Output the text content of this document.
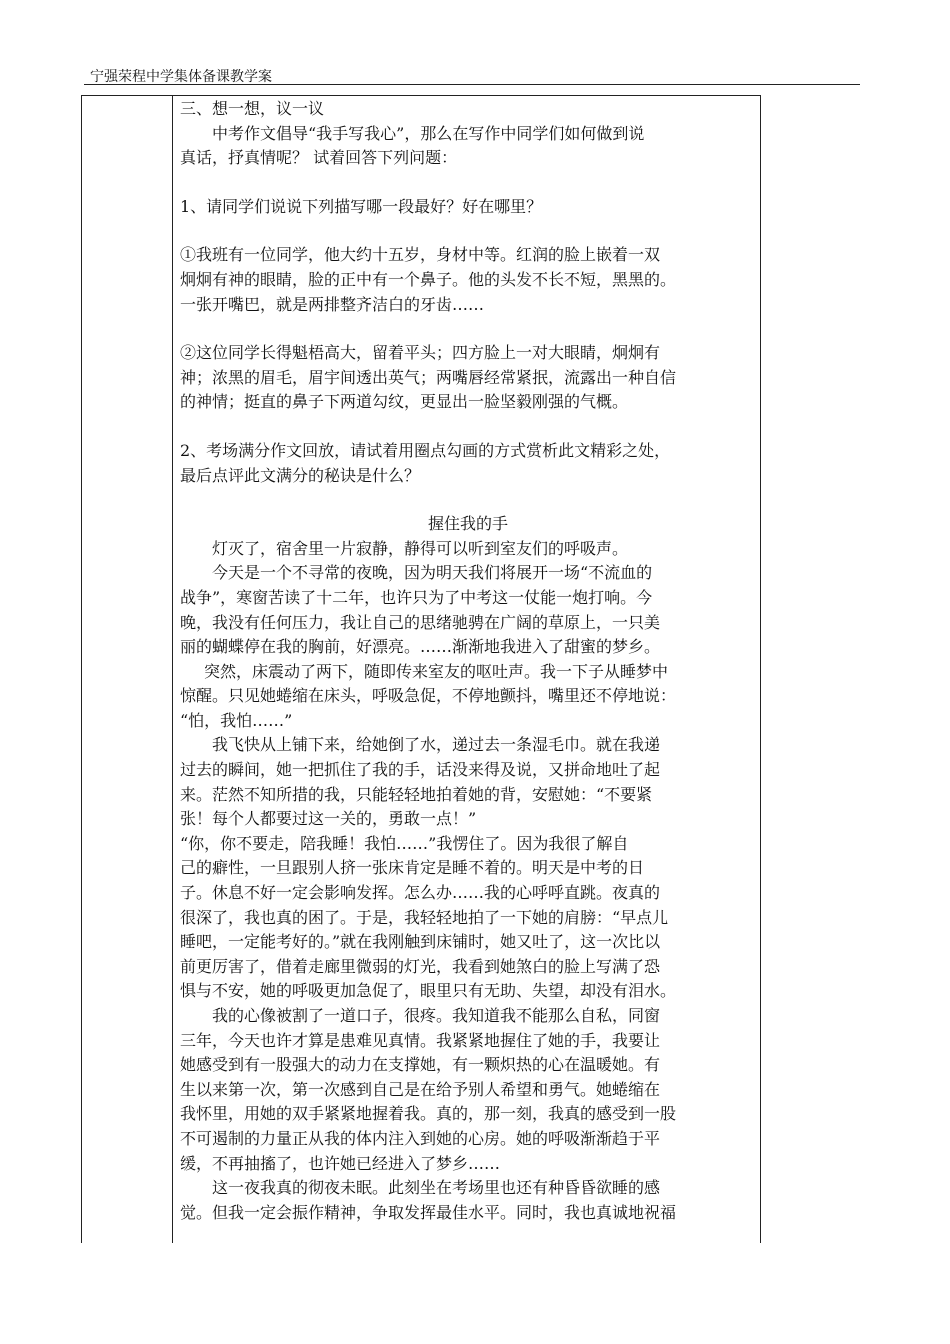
宁强荣程中学集体备课教学案

三、想一想，议一议

中考作文倡导“我手写我心”，那么在写作中同学们如何做到说

真话，抒真情呢？ 试着回答下列问题：

1、请同学们说说下列描写哪一段最好？好在哪里？

①我班有一位同学，他大约十五岁，身材中等。红润的脸上嵌着一双

炯炯有神的眼睛，脸的正中有一个鼻子。他的头发不长不短，黑黑的。

一张开嘴巴，就是两排整齐洁白的牙齿……

②这位同学长得魁梧高大，留着平头；四方脸上一对大眼睛，炯炯有

神；浓黑的眉毛，眉宇间透出英气；两嘴唇经常紧抿，流露出一种自信

的神情；挺直的鼻子下两道勾纹，更显出一脸坚毅刚强的气概。

2、考场满分作文回放，请试着用圈点勾画的方式赏析此文精彩之处，

最后点评此文满分的秘诀是什么？

握住我的手

灯灭了，宿舍里一片寂静，静得可以听到室友们的呼吸声。

今天是一个不寻常的夜晚，因为明天我们将展开一场“不流血的

战争”，寒窗苦读了十二年，也许只为了中考这一仗能一炮打响。今

晚，我没有任何压力，我让自己的思绪驰骋在广阔的草原上，一只美

丽的蝴蝶停在我的胸前，好漂亮。……渐渐地我进入了甜蜜的梦乡。

突然，床震动了两下，随即传来室友的呕吐声。我一下子从睡梦中

惊醒。只见她蜷缩在床头，呼吸急促，不停地颤抖，嘴里还不停地说：

“怕，我怕……”

我飞快从上铺下来，给她倒了水，递过去一条湿毛巾。就在我递

过去的瞬间，她一把抓住了我的手，话没来得及说，又拼命地吐了起

来。茫然不知所措的我，只能轻轻地拍着她的背，安慰她：“不要紧

张！每个人都要过这一关的，勇敢一点！”

“你，你不要走，陪我睡！我怕……”我愣住了。因为我很了解自

己的癖性，一旦跟别人挤一张床肯定是睡不着的。明天是中考的日

子。休息不好一定会影响发挥。怎么办……我的心呼呼直跳。夜真的

很深了，我也真的困了。于是，我轻轻地拍了一下她的肩膀：“早点儿

睡吧，一定能考好的。”就在我刚触到床铺时，她又吐了，这一次比以

前更厉害了，借着走廊里微弱的灯光，我看到她煞白的脸上写满了恐

惧与不安，她的呼吸更加急促了，眼里只有无助、失望，却没有泪水。

我的心像被割了一道口子，很疼。我知道我不能那么自私，同窗

三年，今天也许才算是患难见真情。我紧紧地握住了她的手，我要让

她感受到有一股强大的动力在支撑她，有一颗炽热的心在温暖她。有

生以来第一次，第一次感到自己是在给予别人希望和勇气。她蜷缩在

我怀里，用她的双手紧紧地握着我。真的，那一刻，我真的感受到一股

不可遏制的力量正从我的体内注入到她的心房。她的呼吸渐渐趋于平

缓，不再抽搐了，也许她已经进入了梦乡……

这一夜我真的彻夜未眠。此刻坐在考场里也还有种昏昏欲睡的感

觉。但我一定会振作精神，争取发挥最佳水平。同时，我也真诚地祝福
